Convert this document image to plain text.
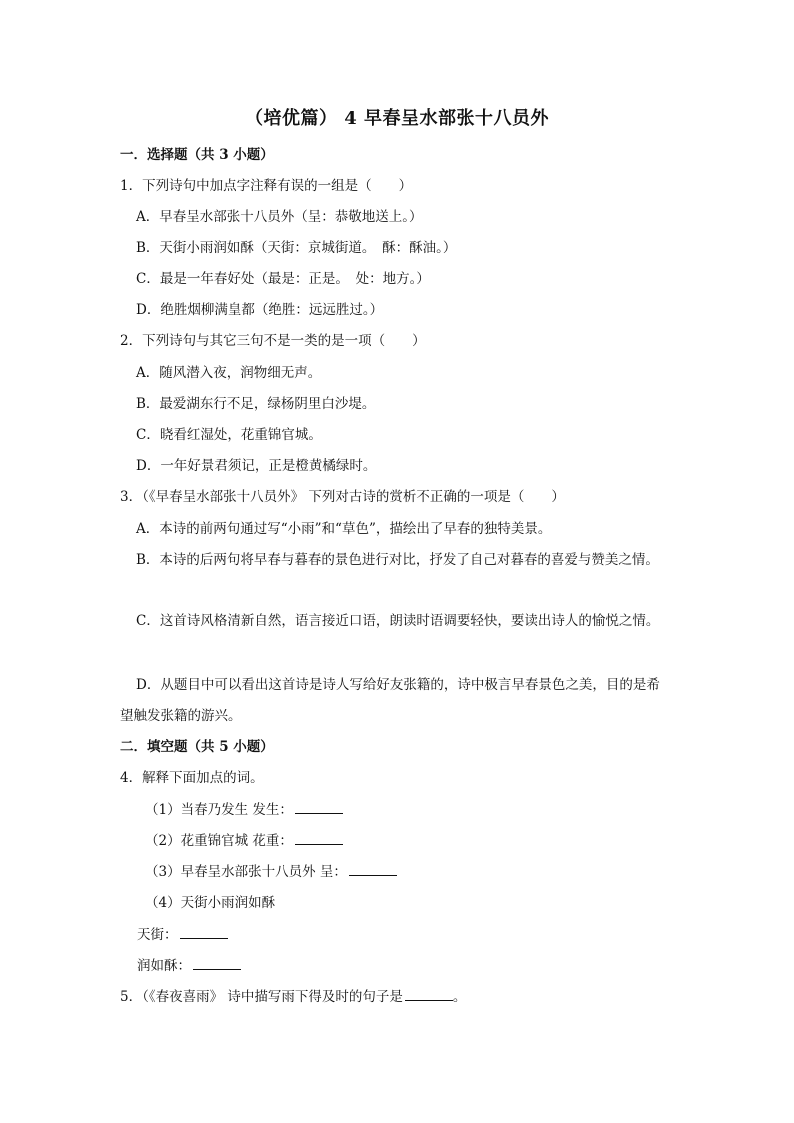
（培优篇） 4 早春呈水部张十八员外
一．选择题（共 3 小题）
1．下列诗句中加点字注释有误的一组是（　　）
A．早春呈水部张十八员外（呈：恭敬地送上。）
B．天街小雨润如酥（天街：京城街道。　酥：酥油。）
C．最是一年春好处（最是：正是。　处：地方。）
D．绝胜烟柳满皇都（绝胜：远远胜过。）
2．下列诗句与其它三句不是一类的是一项（　　）
A．随风潜入夜，润物细无声。
B．最爱湖东行不足，绿杨阴里白沙堤。
C．晓看红湿处，花重锦官城。
D．一年好景君须记，正是橙黄橘绿时。
3．（《早春呈水部张十八员外》 下列对古诗的赏析不正确的一项是（　　）
A．本诗的前两句通过写“小雨”和“草色”，描绘出了早春的独特美景。
B．本诗的后两句将早春与暮春的景色进行对比，抒发了自己对暮春的喜爱与赞美之情。
C．这首诗风格清新自然，语言接近口语，朗读时语调要轻快，要读出诗人的愉悦之情。
D．从题目中可以看出这首诗是诗人写给好友张籍的，诗中极言早春景色之美，目的是希
望触发张籍的游兴。
二．填空题（共 5 小题）
4．解释下面加点的词。
（1）当春乃发生 发生：
（2）花重锦官城 花重：
（3）早春呈水部张十八员外 呈：
（4）天街小雨润如酥
天街：
润如酥：
5．（《春夜喜雨》 诗中描写雨下得及时的句子是	。
